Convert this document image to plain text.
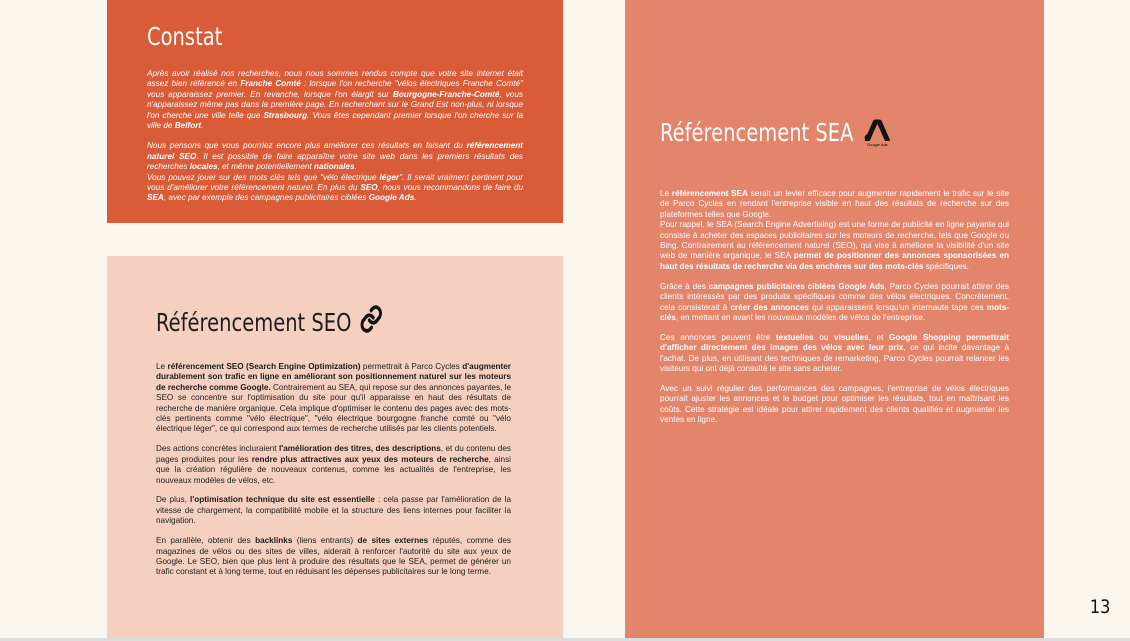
Constat

Après avoir réalisé nos recherches, nous nous sommes rendus compte que votre site internet était assez bien référencé en Franche Comté : lorsque l'on recherche "vélos électriques Franche Comté" vous apparaissez premier. En revanche, lorsque l'on élargit sur Bourgogne-Franche-Comté, vous n'apparaissez même pas dans la première page. En recherchant sur le Grand Est non-plus, ni lorsque l'on cherche une ville telle que Strasbourg. Vous êtes cependant premier lorsque l'on cherche sur la ville de Belfort.

Nous pensons que vous pourriez encore plus améliorer ces résultats en faisant du référencement naturel SEO. Il est possible de faire apparaître votre site web dans les premiers résultats des recherches locales, et même potentiellement nationales.
Vous pouvez jouer sur des mots clés tels que "vélo électrique léger". Il serait vraiment pertinent pour vous d'améliorer votre référencement naturel. En plus du SEO, nous vous recommandons de faire du SEA, avec par exemple des campagnes publicitaires ciblées Google Ads.

Référencement SEO

Le référencement SEO (Search Engine Optimization) permettrait à Parco Cycles d'augmenter durablement son trafic en ligne en améliorant son positionnement naturel sur les moteurs de recherche comme Google. Contrairement au SEA, qui repose sur des annonces payantes, le SEO se concentre sur l'optimisation du site pour qu'il apparaisse en haut des résultats de recherche de manière organique. Cela implique d'optimiser le contenu des pages avec des mots-clés pertinents comme "vélo électrique", "vélo électrique bourgogne franche comté ou "vélo électrique léger", ce qui correspond aux termes de recherche utilisés par les clients potentiels.

Des actions concrètes incluraient l'amélioration des titres, des descriptions, et du contenu des pages produites pour les rendre plus attractives aux yeux des moteurs de recherche, ainsi que la création régulière de nouveaux contenus, comme les actualités de l'entreprise, les nouveaux modèles de vélos, etc.

De plus, l'optimisation technique du site est essentielle : cela passe par l'amélioration de la vitesse de chargement, la compatibilité mobile et la structure des liens internes pour faciliter la navigation.

En parallèle, obtenir des backlinks (liens entrants) de sites externes réputés, comme des magazines de vélos ou des sites de villes, aiderait à renforcer l'autorité du site aux yeux de Google. Le SEO, bien que plus lent à produire des résultats que le SEA, permet de générer un trafic constant et à long terme, tout en réduisant les dépenses publicitaires sur le long terme.

Référencement SEA	Google Ads

Le référencement SEA serait un levier efficace pour augmenter rapidement le trafic sur le site de Parco Cycles en rendant l'entreprise visible en haut des résultats de recherche sur des plateformes telles que Google.
Pour rappel, le SEA (Search Engine Advertising) est une forme de publicité en ligne payante qui consiste à acheter des espaces publicitaires sur les moteurs de recherche, tels que Google ou Bing. Contrairement au référencement naturel (SEO), qui vise à améliorer la visibilité d'un site web de manière organique, le SEA permet de positionner des annonces sponsorisées en haut des résultats de recherche via des enchères sur des mots-clés spécifiques.

Grâce à des campagnes publicitaires ciblées Google Ads, Parco Cycles pourrait attirer des clients intéressés par des produits spécifiques comme des vélos électriques. Concrètement, cela consisterait à créer des annonces qui apparaissent lorsqu'un internaute tape ces mots-clés, en mettant en avant les nouveaux modèles de vélos de l'entreprise.

Ces annonces peuvent être textuelles ou visuelles, et Google Shopping permettrait d'afficher directement des images des vélos avec leur prix, ce qui incite davantage à l'achat. De plus, en utilisant des techniques de remarketing, Parco Cycles pourrait relancer les visiteurs qui ont déjà consulté le site sans acheter.

Avec un suivi régulier des performances des campagnes, l'entreprise de vélos électriques pourrait ajuster les annonces et le budget pour optimiser les résultats, tout en maîtrisant les coûts. Cette stratégie est idéale pour attirer rapidement des clients qualifiés et augmenter les ventes en ligne.

13
